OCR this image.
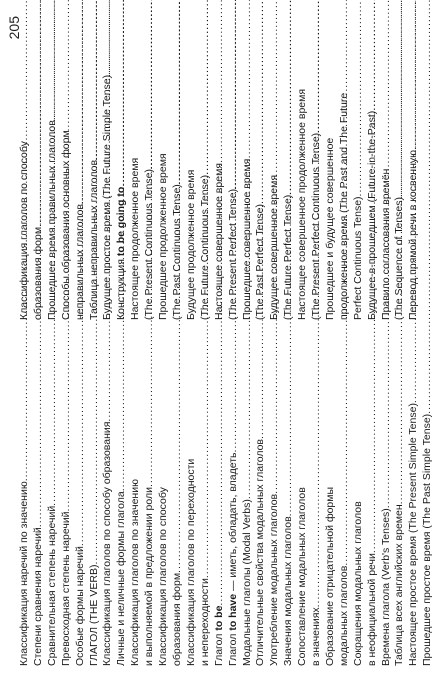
205
Классификация наречий по значению
..... Степени сравнения наречий
..... Сравнительная степень наречий
..... Превосходная степень наречий
..... Особые формы наречий
..... ГЛАГОЛ (THE VERB) ..... Классификация глаголов по способу образования
..... Личные и неличные формы глагола
..... Классификация глаголов по значению и выполняемой в предложении роли
..... Классификация глаголов по способу образования форм ..... Классификация глаголов по переходности и непереходности
..... Глагол to be
.....
Глагол to have — иметь, обладать, владеть
..... Модальные глаголы (Modal Verbs)
..... Отличительные свойства модальных глаголов
..... Употребление модальных глаголов
..... Значения модальных глаголов
..... Сопоставление модальных глаголов в значениях ..... Образование отрицательной формы модальных глаголов
..... Сокращения модальных глаголов в неофициальной речи
..... Времена глагола (Verb's Tenses)
..... Таблица всех английских времен
..... Настоящее простое время (The Present Simple Tense)
..... Прошедшее простое время (The Past Simple Tense)
.....
Классификация глаголов по способу образования форм ..... Прошедшее время правильных глаголов
..... Способы образования основных форм неправильных глаголов
..... Таблица неправильных глаголов
..... Будущее простое время (The Future Simple Tense)
..... Конструкция to be going to
..... Настоящее продолженное время (The Present Continuous Tense)
..... Прошедшее продолженное время (The Past Continuous Tense)
..... Будущее продолженное время (The Future Continuous Tense)
..... Настоящее совершенное время (The Present Perfect Tense)
..... Прошедшее совершенное время (The Past Perfect Tense)
..... Будущее совершенное время (The Future Perfect Tense)
..... Настоящее совершенное продолженное время (The Present Perfect Continuous Tense)
..... Прошедшее и будущее совершенное продолженное время (The Past and The Future Perfect Continuous Tense)
..... Будущее-в-прошедшем (Future-in-the-Past)
..... Правило согласования времён (The Sequence of Tenses)
..... Перевод прямой речи в косвенную
.....
